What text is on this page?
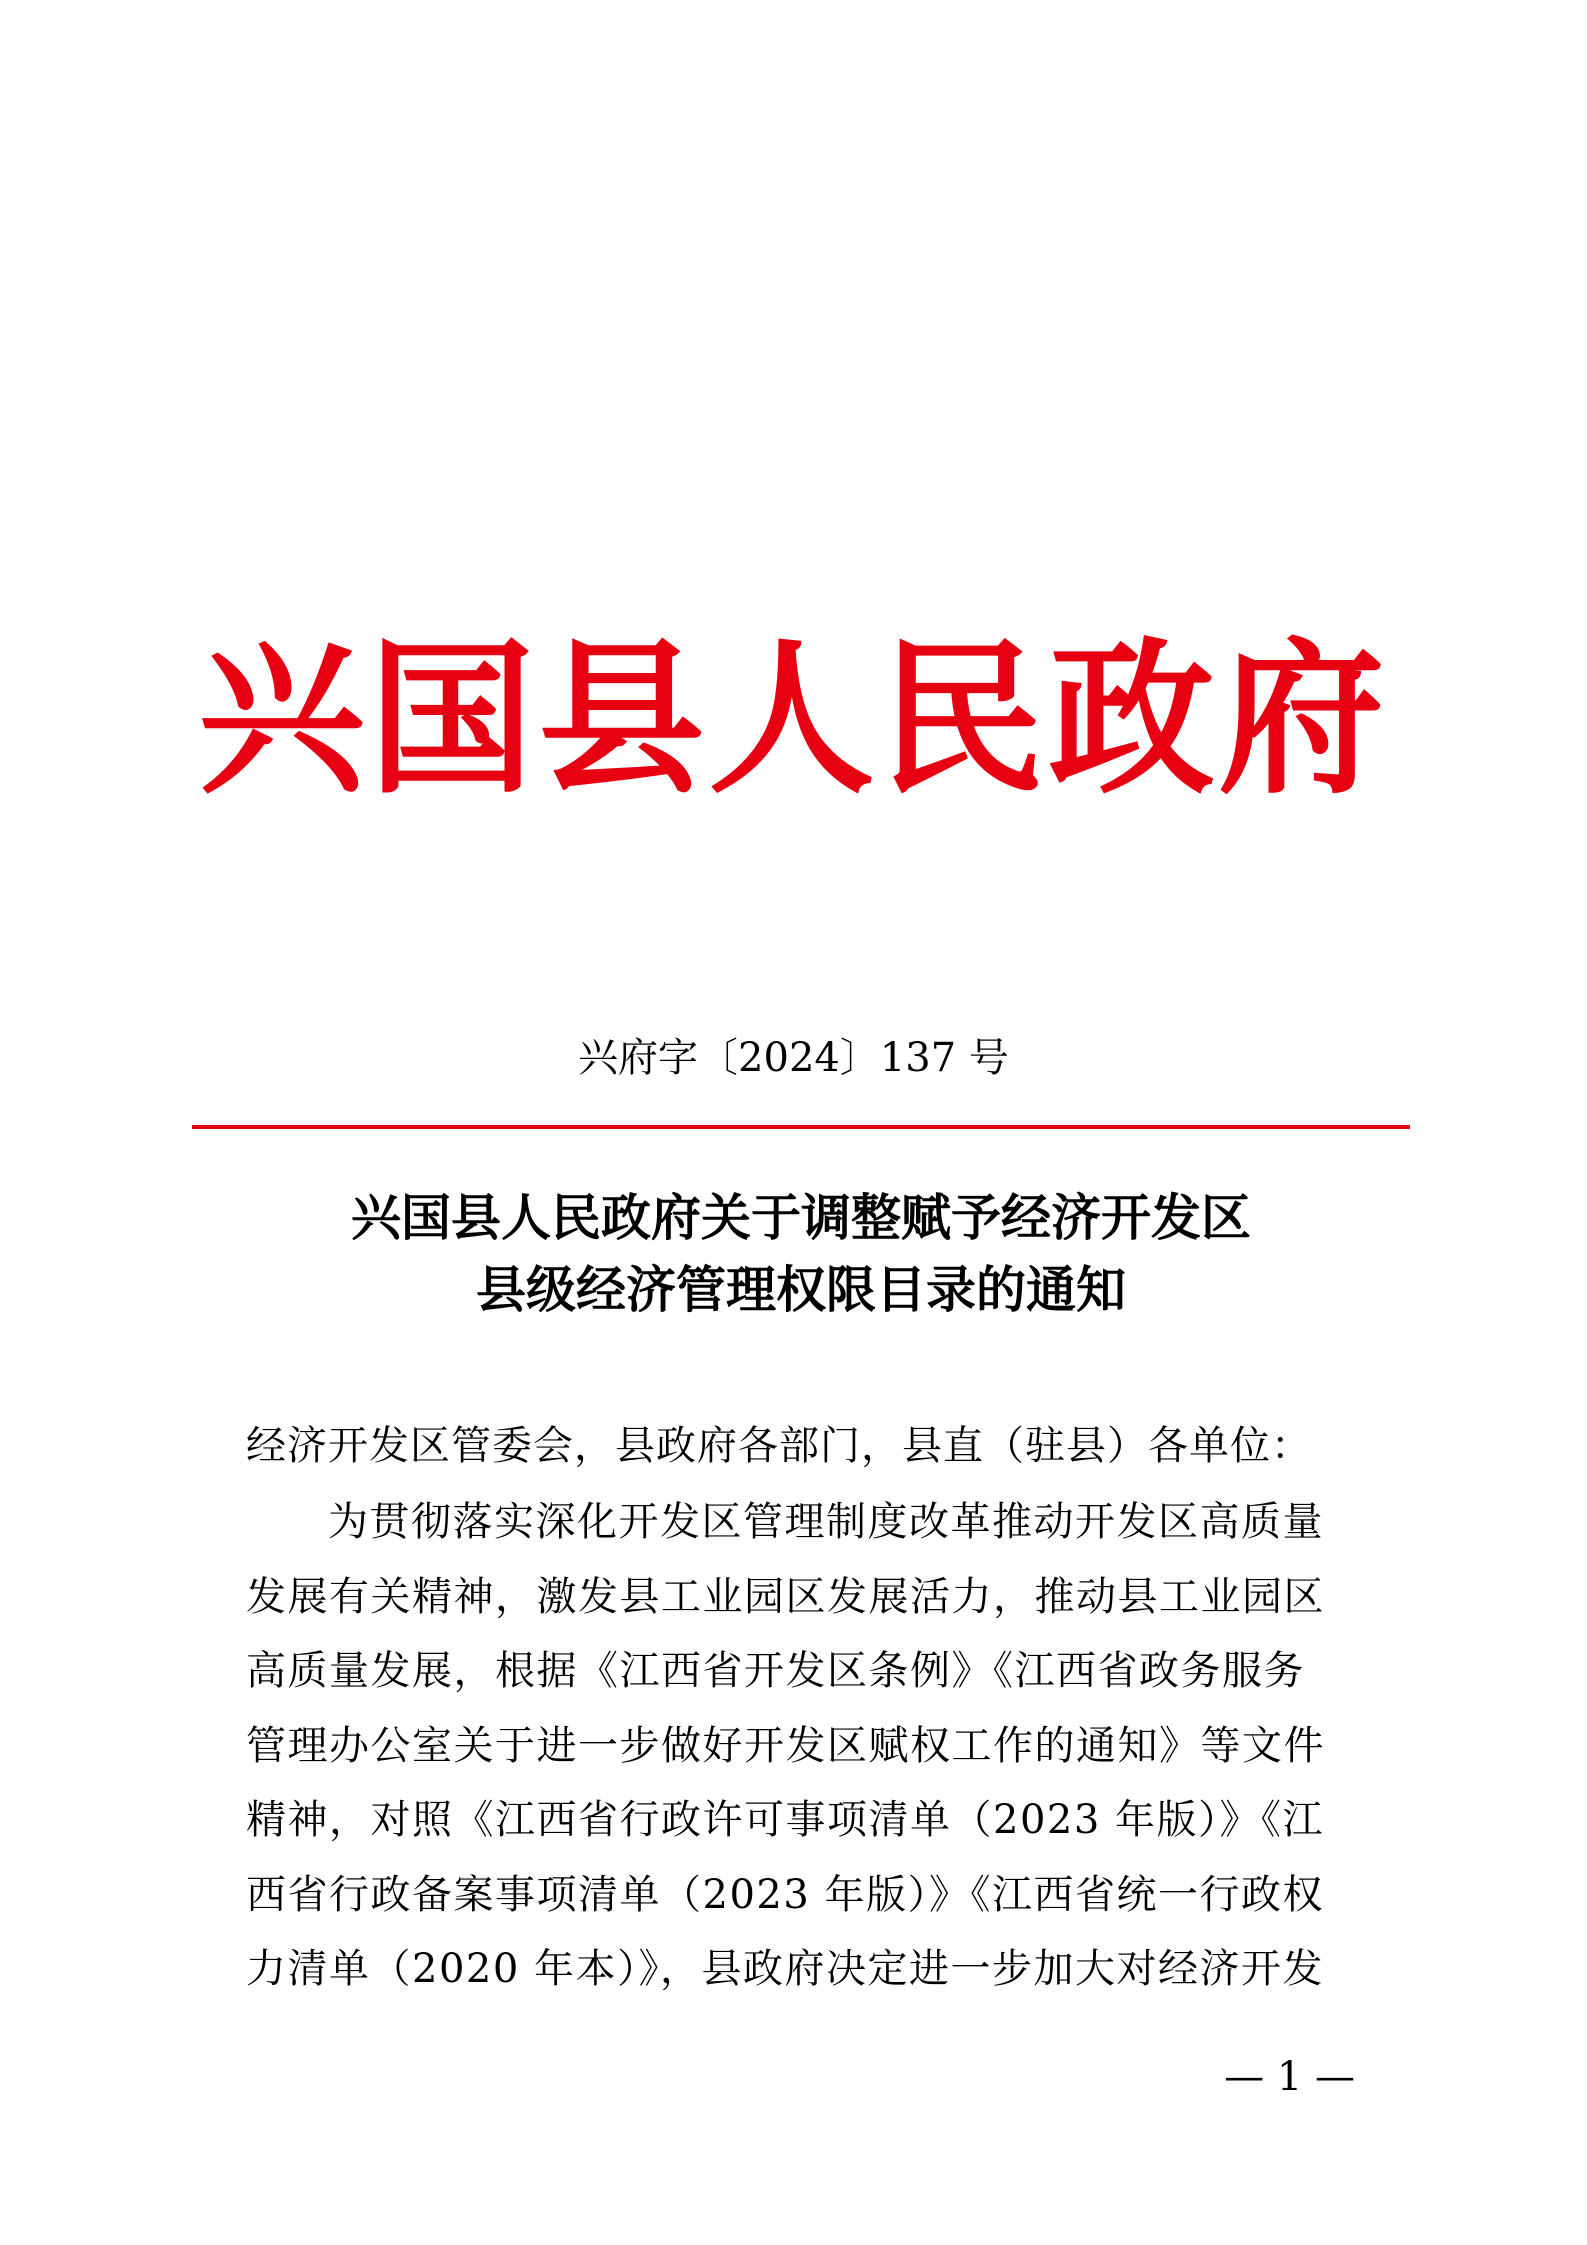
兴国县人民政府
兴府字〔2024〕137 号
兴国县人民政府关于调整赋予经济开发区
县级经济管理权限目录的通知
经济开发区管委会，县政府各部门，县直（驻县）各单位：
为贯彻落实深化开发区管理制度改革推动开发区高质量
发展有关精神，激发县工业园区发展活力，推动县工业园区
高质量发展，根据《江西省开发区条例》《江西省政务服务
管理办公室关于进一步做好开发区赋权工作的通知》等文件
精神，对照《江西省行政许可事项清单（2023 年版）》《江
西省行政备案事项清单（2023 年版）》《江西省统一行政权
力清单（2020 年本）》，县政府决定进一步加大对经济开发
— 1 —
